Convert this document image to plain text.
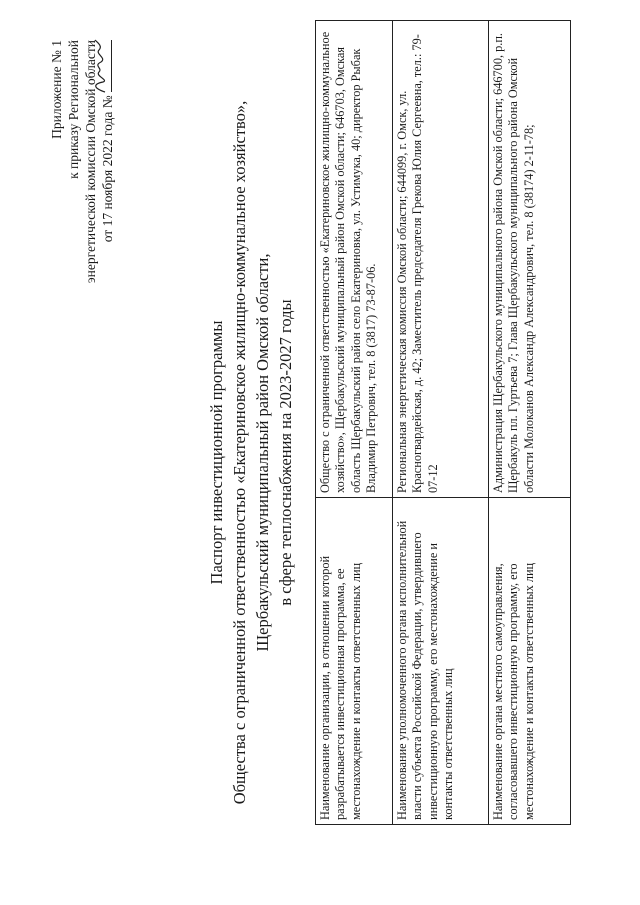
Приложение № 1 к приказу Региональной энергетической комиссии Омской области от 17 ноября 2022 года №
Паспорт инвестиционной программы Общества с ограниченной ответственностью «Екатериновское жилищно-коммунальное хозяйство», Щербакульский муниципальный район Омской области, в сфере теплоснабжения на 2023-2027 годы
Наименование организации, в отношении которой разрабатывается инвестиционная программа, ее местонахождение и контакты ответственных лиц	Общество с ограниченной ответственностью «Екатериновское жилищно-коммунальное хозяйство», Щербакульский муниципальный район Омской области; 646703, Омская область Щербакульский район село Екатериновка, ул. Устимука, 40; директор Рыбак Владимир Петрович, тел. 8 (3817) 73-87-06.
Наименование уполномоченного органа исполнительной власти субъекта Российской Федерации, утвердившего инвестиционную программу, его местонахождение и контакты ответственных лиц	Региональная энергетическая комиссия Омской области; 644099, г. Омск, ул. Красногвардейская, д. 42; Заместитель председателя Грекова Юлия Сергеевна, тел.: 79-07-12
Наименование органа местного самоуправления, согласовавшего инвестиционную программу, его местонахождение и контакты ответственных лиц	Администрация Щербакульского муниципального района Омской области; 646700, р.п. Щербакуль пл. Гуртьева 7; Глава Щербакульского муниципального района Омской области Молоканов Александр Александрович, тел. 8 (38174) 2-11-78;
